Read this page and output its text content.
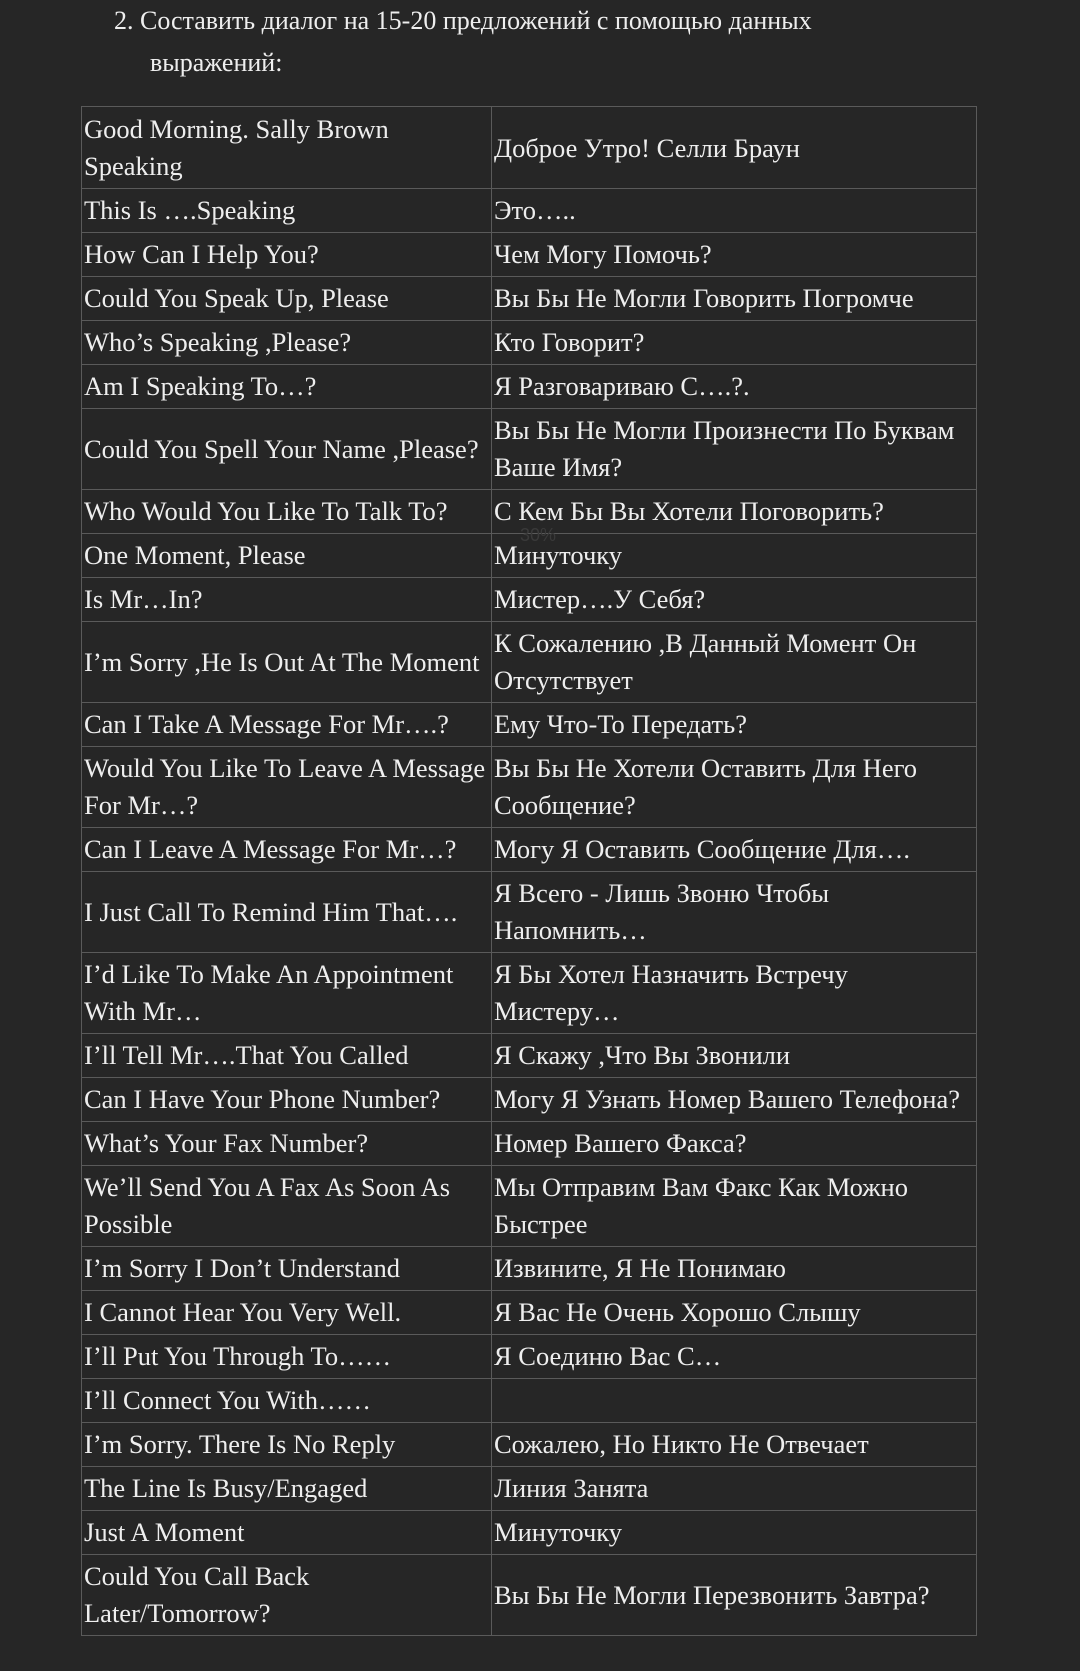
2. Составить диалог на 15-20 предложений с помощью данных
выражений:
Good Morning. Sally Brown Speaking	Доброе Утро! Селли Браун
This Is ….Speaking	Это…..
How Can I Help You?	Чем Могу Помочь?
Could You Speak Up, Please	Вы Бы Не Могли Говорить Погромче
Who’s Speaking ,Please?	Кто Говорит?
Am I Speaking To…?	Я Разговариваю С….?.
Could You Spell Your Name ,Please?	Вы Бы Не Могли Произнести По Буквам Ваше Имя?
Who Would You Like To Talk To?	С Кем Бы Вы Хотели Поговорить?
One Moment, Please	Минуточку
Is Mr…In?	Мистер….У Себя?
I’m Sorry ,He Is Out At The Moment	К Сожалению ,В Данный Момент Он Отсутствует
Can I Take A Message For Mr….?	Ему Что-То Передать?
Would You Like To Leave A Message For Mr…?	Вы Бы Не Хотели Оставить Для Него Сообщение?
Can I Leave A Message For Mr…?	Могу Я Оставить Сообщение Для….
I Just Call To Remind Him That….	Я Всего - Лишь Звоню Чтобы Напомнить…
I’d Like To Make An Appointment With Mr…	Я Бы Хотел Назначить Встречу Мистеру…
I’ll Tell Mr….That You Called	Я Скажу ,Что Вы Звонили
Can I Have Your Phone Number?	Могу Я Узнать Номер Вашего Телефона?
What’s Your Fax Number?	Номер Вашего Факса?
We’ll Send You A Fax As Soon As Possible	Мы Отправим Вам Факс Как Можно Быстрее
I’m Sorry I Don’t Understand	Извините, Я Не Понимаю
I Cannot Hear You Very Well.	Я Вас Не Очень Хорошо Слышу
I’ll Put You Through To……	Я Соединю Вас С…
I’ll Connect You With……	
I’m Sorry. There Is No Reply	Сожалею, Но Никто Не Отвечает
The Line Is Busy/Engaged	Линия Занята
Just A Moment	Минуточку
Could You Call Back Later/Tomorrow?	Вы Бы Не Могли Перезвонить Завтра?
30%
